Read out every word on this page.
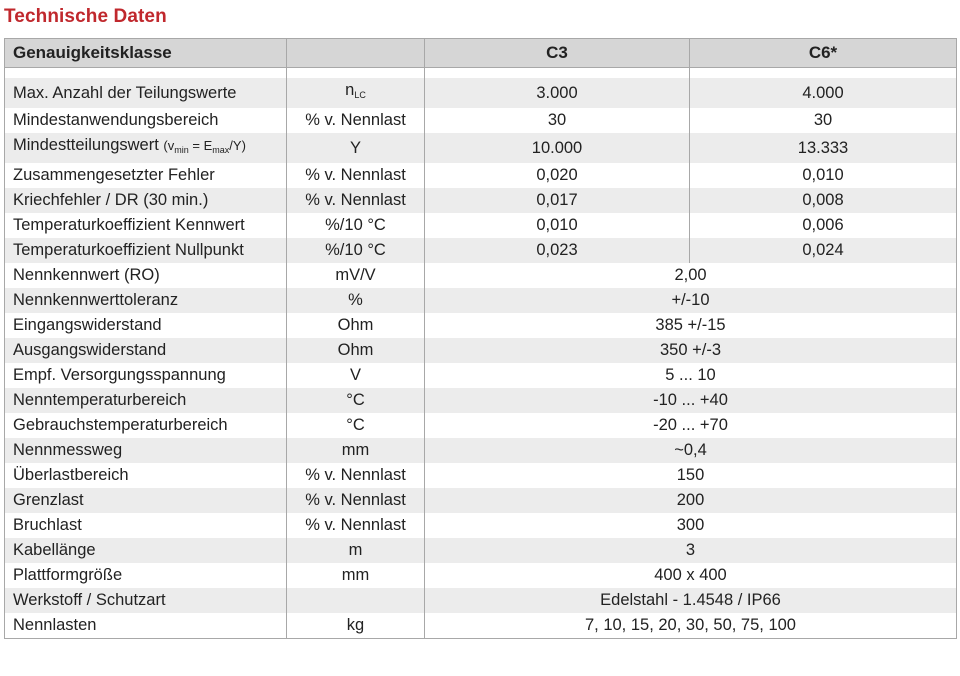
Technische Daten
Genauigkeitsklasse		C3	C6*

Max. Anzahl der Teilungswerte	$n_{LC}$	3.000	4.000
Mindestanwendungsbereich	% v. Nennlast	30	30
Mindestteilungswert $(v_{min} = E_{max}/Y)$	Y	10.000	13.333
Zusammengesetzter Fehler	% v. Nennlast	0,020	0,010
Kriechfehler / DR (30 min.)	% v. Nennlast	0,017	0,008
Temperaturkoeffizient Kennwert	%/10 °C	0,010	0,006
Temperaturkoeffizient Nullpunkt	%/10 °C	0,023	0,024
Nennkennwert (RO)	mV/V	2,00	
Nennkennwerttoleranz	%	+/-10	
Eingangswiderstand	Ohm	385 +/-15	
Ausgangswiderstand	Ohm	350 +/-3	
Empf. Versorgungsspannung	V	5 ... 10	
Nenntemperaturbereich	°C	-10 ... +40	
Gebrauchstemperaturbereich	°C	-20 ... +70	
Nennmessweg	mm	~0,4	
Überlastbereich	% v. Nennlast	150	
Grenzlast	% v. Nennlast	200	
Bruchlast	% v. Nennlast	300	
Kabellänge	m	3	
Plattformgröße	mm	400 x 400	
Werkstoff / Schutzart		Edelstahl - 1.4548 / IP66	
Nennlasten	kg	7, 10, 15, 20, 30, 50, 75, 100	
